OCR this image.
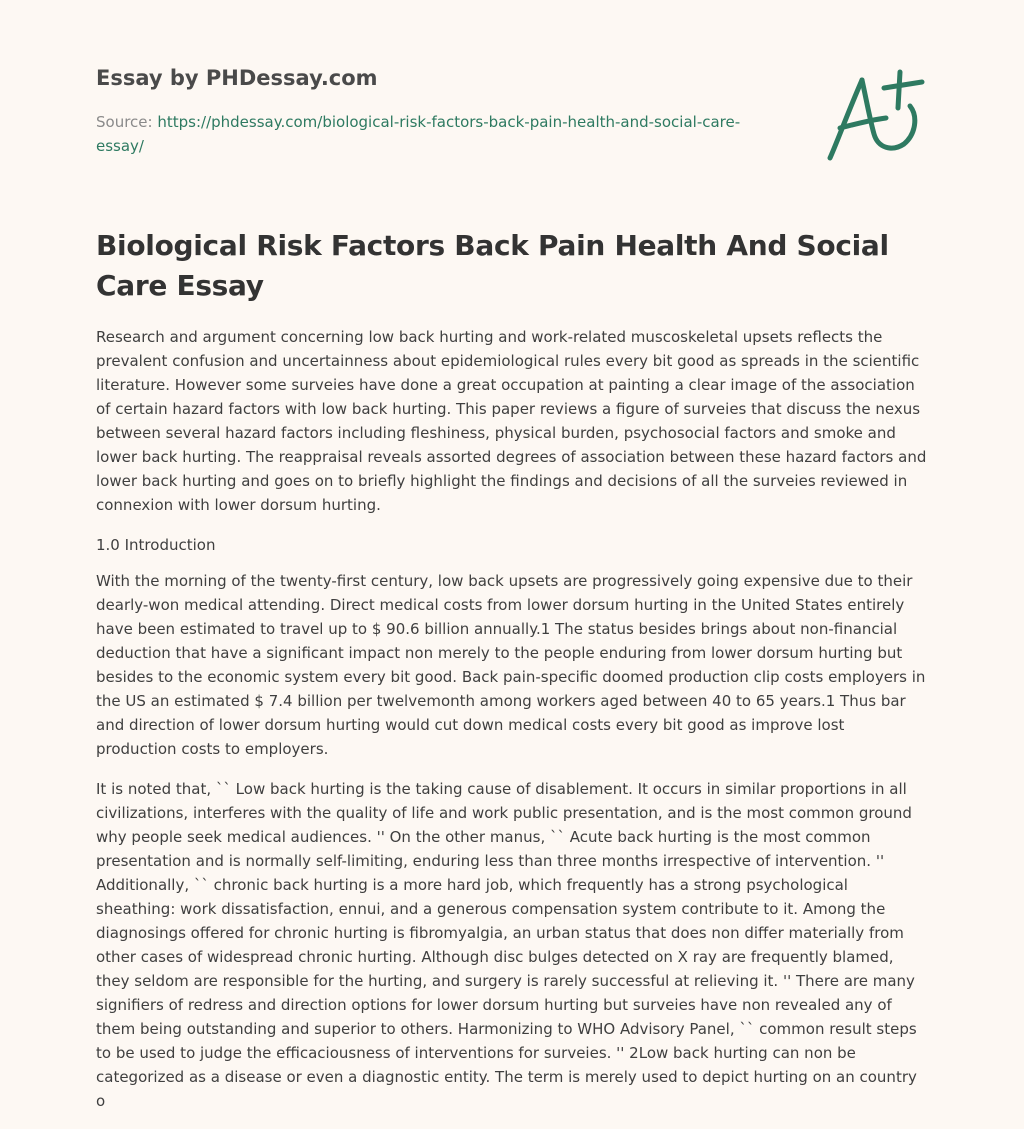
Essay by PHDessay.com
Source: https://phdessay.com/biological-risk-factors-back-pain-health-and-social-care-essay/
Biological Risk Factors Back Pain Health And Social Care Essay

Research and argument concerning low back hurting and work-related muscoskeletal upsets reflects the prevalent confusion and uncertainness about epidemiological rules every bit good as spreads in the scientific literature. However some surveies have done a great occupation at painting a clear image of the association of certain hazard factors with low back hurting. This paper reviews a figure of surveies that discuss the nexus between several hazard factors including fleshiness, physical burden, psychosocial factors and smoke and lower back hurting. The reappraisal reveals assorted degrees of association between these hazard factors and lower back hurting and goes on to briefly highlight the findings and decisions of all the surveies reviewed in connexion with lower dorsum hurting.

1.0 Introduction

With the morning of the twenty-first century, low back upsets are progressively going expensive due to their dearly-won medical attending. Direct medical costs from lower dorsum hurting in the United States entirely have been estimated to travel up to $ 90.6 billion annually.1 The status besides brings about non-financial deduction that have a significant impact non merely to the people enduring from lower dorsum hurting but besides to the economic system every bit good. Back pain-specific doomed production clip costs employers in the US an estimated $ 7.4 billion per twelvemonth among workers aged between 40 to 65 years.1 Thus bar and direction of lower dorsum hurting would cut down medical costs every bit good as improve lost production costs to employers.

It is noted that, `` Low back hurting is the taking cause of disablement. It occurs in similar proportions in all civilizations, interferes with the quality of life and work public presentation, and is the most common ground why people seek medical audiences. '' On the other manus, `` Acute back hurting is the most common presentation and is normally self-limiting, enduring less than three months irrespective of intervention. '' Additionally, `` chronic back hurting is a more hard job, which frequently has a strong psychological sheathing: work dissatisfaction, ennui, and a generous compensation system contribute to it. Among the diagnosings offered for chronic hurting is fibromyalgia, an urban status that does non differ materially from other cases of widespread chronic hurting. Although disc bulges detected on X ray are frequently blamed, they seldom are responsible for the hurting, and surgery is rarely successful at relieving it. '' There are many signifiers of redress and direction options for lower dorsum hurting but surveies have non revealed any of them being outstanding and superior to others. Harmonizing to WHO Advisory Panel, `` common result steps to be used to judge the efficaciousness of interventions for surveies. '' 2Low back hurting can non be categorized as a disease or even a diagnostic entity. The term is merely used to depict hurting on an country o
